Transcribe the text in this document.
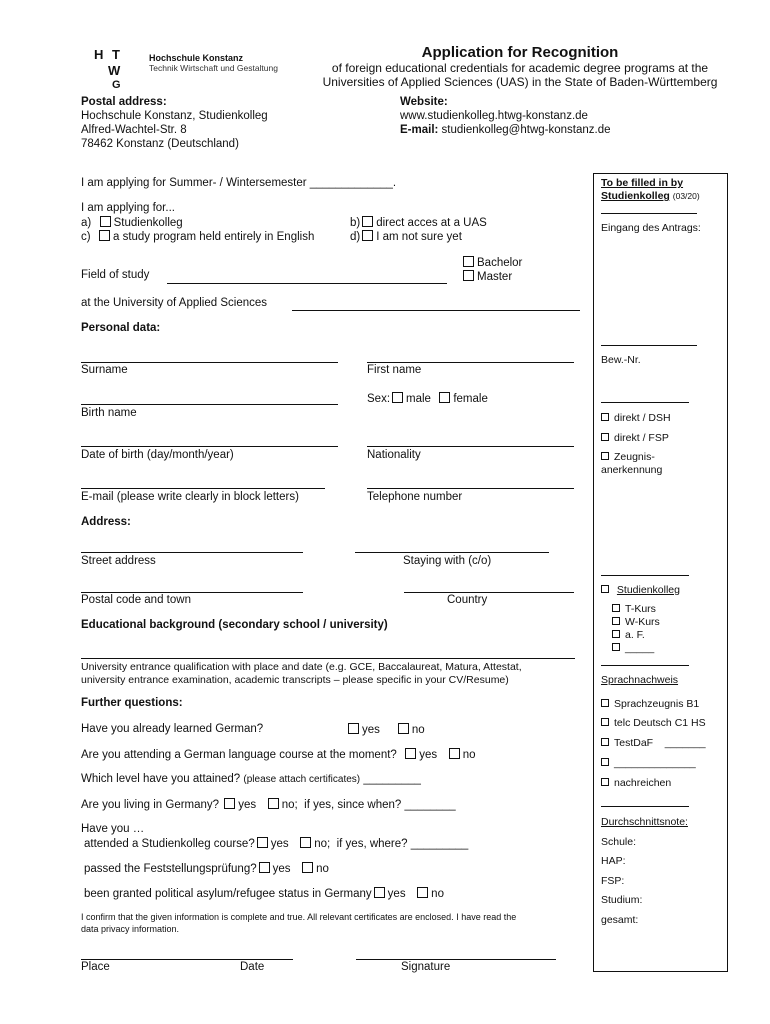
H T
W
G
Hochschule Konstanz
Technik Wirtschaft und Gestaltung
Application for Recognition
of foreign educational credentials for academic degree programs at the
Universities of Applied Sciences (UAS) in the State of Baden-Württemberg
Postal address:
Hochschule Konstanz, Studienkolleg
Alfred-Wachtel-Str. 8
78462 Konstanz (Deutschland)
Website:
www.studienkolleg.htwg-konstanz.de
E-mail: studienkolleg@htwg-konstanz.de
I am applying for Summer- / Wintersemester _____________.
I am applying for...
a) Studienkolleg	b) direct acces at a UAS
c) a study program held entirely in English	d) I am not sure yet
Bachelor
Master
Field of study
at the University of Applied Sciences
Personal data:
Surname	First name
Sex: male female
Birth name
Date of birth (day/month/year)	Nationality
E-mail (please write clearly in block letters)	Telephone number
Address:
Street address	Staying with (c/o)
Postal code and town	Country
Educational background (secondary school / university)
University entrance qualification with place and date (e.g. GCE, Baccalaureat, Matura, Attestat,
university entrance examination, academic transcripts – please specific in your CV/Resume)
Further questions:
Have you already learned German?	yes	no
Are you attending a German language course at the moment? yes no
Which level have you attained? (please attach certificates) _________
Are you living in Germany? yes no; if yes, since when? ________
Have you …
attended a Studienkolleg course? yes no; if yes, where? _________
passed the Feststellungsprüfung? yes no
been granted political asylum/refugee status in Germany yes no
I confirm that the given information is complete and true. All relevant certificates are enclosed. I have read the
data privacy information.
Place	Date	Signature
To be filled in by
Studienkolleg (03/20)
Eingang des Antrags:
Bew.-Nr.
direkt / DSH
direkt / FSP
Zeugnis-
anerkennung
Studienkolleg
T-Kurs
W-Kurs
a. F.
_____
Sprachnachweis
Sprachzeugnis B1
telc Deutsch C1 HS
TestDaF _______
______________
nachreichen
Durchschnittsnote:
Schule:
HAP:
FSP:
Studium:
gesamt:
